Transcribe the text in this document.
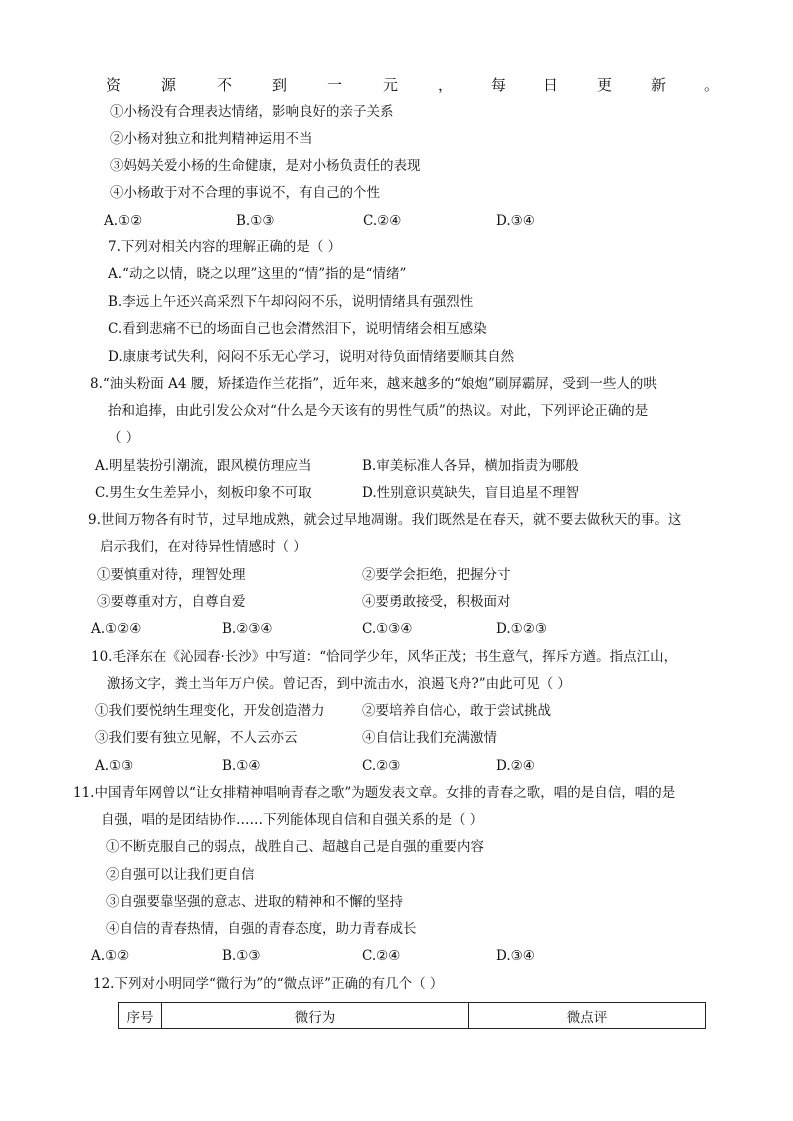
资	源	不	到	一	元	，	每 日	更	新	。
①小杨没有合理表达情绪，影响良好的亲子关系
②小杨对独立和批判精神运用不当
③妈妈关爱小杨的生命健康，是对小杨负责任的表现
④小杨敢于对不合理的事说不，有自己的个性
A.①②	B.①③	C.②④	D.③④
7.下列对相关内容的理解正确的是（ ）
A.“动之以情，晓之以理”这里的“情”指的是“情绪”
B.李远上午还兴高采烈下午却闷闷不乐，说明情绪具有强烈性
C.看到悲痛不已的场面自己也会潸然泪下，说明情绪会相互感染
D.康康考试失利，闷闷不乐无心学习，说明对待负面情绪要顺其自然
8.“油头粉面 A4 腰，矫揉造作兰花指”，近年来，越来越多的“娘炮”刷屏霸屏，受到一些人的哄
抬和追捧，由此引发公众对“什么是今天该有的男性气质”的热议。对此，下列评论正确的是
（ ）
A.明星装扮引潮流，跟风模仿理应当	B.审美标准人各异，横加指责为哪般
C.男生女生差异小，刻板印象不可取	D.性别意识莫缺失，盲目追星不理智
9.世间万物各有时节，过早地成熟，就会过早地凋谢。我们既然是在春天，就不要去做秋天的事。这
启示我们，在对待异性情感时（ ）
①要慎重对待，理智处理	②要学会拒绝，把握分寸
③要尊重对方，自尊自爱	④要勇敢接受，积极面对
A.①②④	B.②③④	C.①③④	D.①②③
10.毛泽东在《沁园春·长沙》中写道：“恰同学少年，风华正茂；书生意气，挥斥方遒。指点江山，
激扬文字，粪土当年万户侯。曾记否，到中流击水，浪遏飞舟?”由此可见（ ）
①我们要悦纳生理变化，开发创造潜力	②要培养自信心，敢于尝试挑战
③我们要有独立见解，不人云亦云	④自信让我们充满激情
A.①③	B.①④	C.②③	D.②④
11.中国青年网曾以“让女排精神唱响青春之歌”为题发表文章。女排的青春之歌，唱的是自信，唱的是
自强，唱的是团结协作……下列能体现自信和自强关系的是（ ）
①不断克服自己的弱点，战胜自己、超越自己是自强的重要内容
②自强可以让我们更自信
③自强要靠坚强的意志、进取的精神和不懈的坚持
④自信的青春热情，自强的青春态度，助力青春成长
A.①②	B.①③	C.②④	D.③④
12.下列对小明同学“微行为”的“微点评”正确的有几个（ ）
序号	微行为	微点评
